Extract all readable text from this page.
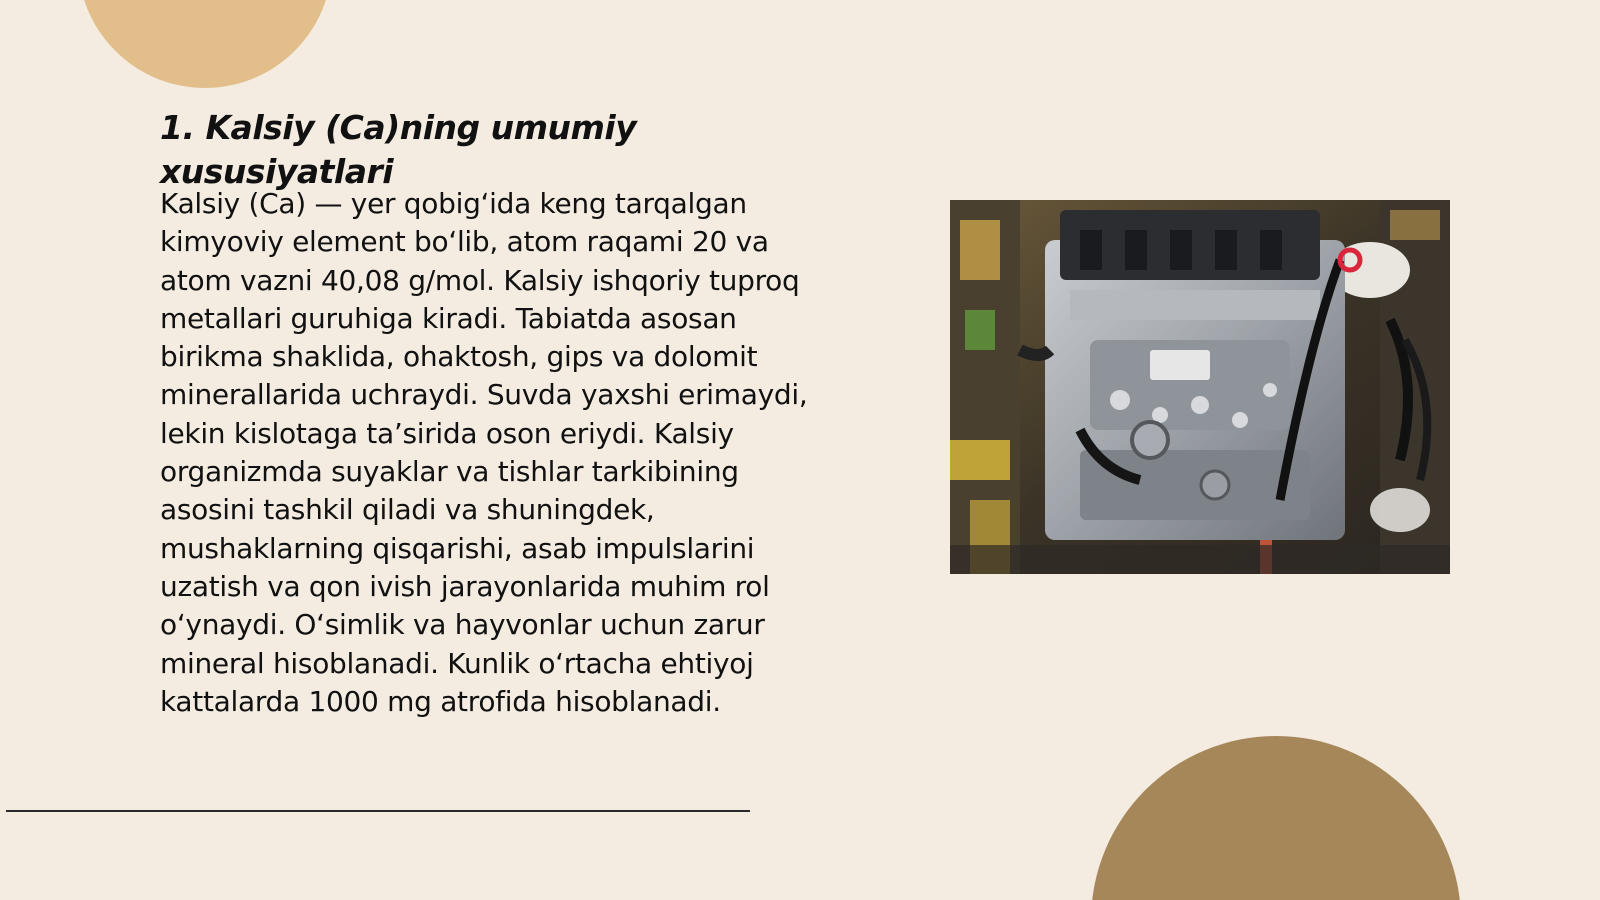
1. Kalsiy (Ca)ning umumiy xususiyatlari

Kalsiy (Ca) — yer qobigʻida keng tarqalgan kimyoviy element boʻlib, atom raqami 20 va atom vazni 40,08 g/mol. Kalsiy ishqoriy tuproq metallari guruhiga kiradi. Tabiatda asosan birikma shaklida, ohaktosh, gips va dolomit minerallarida uchraydi. Suvda yaxshi erimaydi, lekin kislotaga ta’sirida oson eriydi. Kalsiy organizmda suyaklar va tishlar tarkibining asosini tashkil qiladi va shuningdek, mushaklarning qisqarishi, asab impulslarini uzatish va qon ivish jarayonlarida muhim rol oʻynaydi. Oʻsimlik va hayvonlar uchun zarur mineral hisoblanadi. Kunlik oʻrtacha ehtiyoj kattalarda 1000 mg atrofida hisoblanadi.
